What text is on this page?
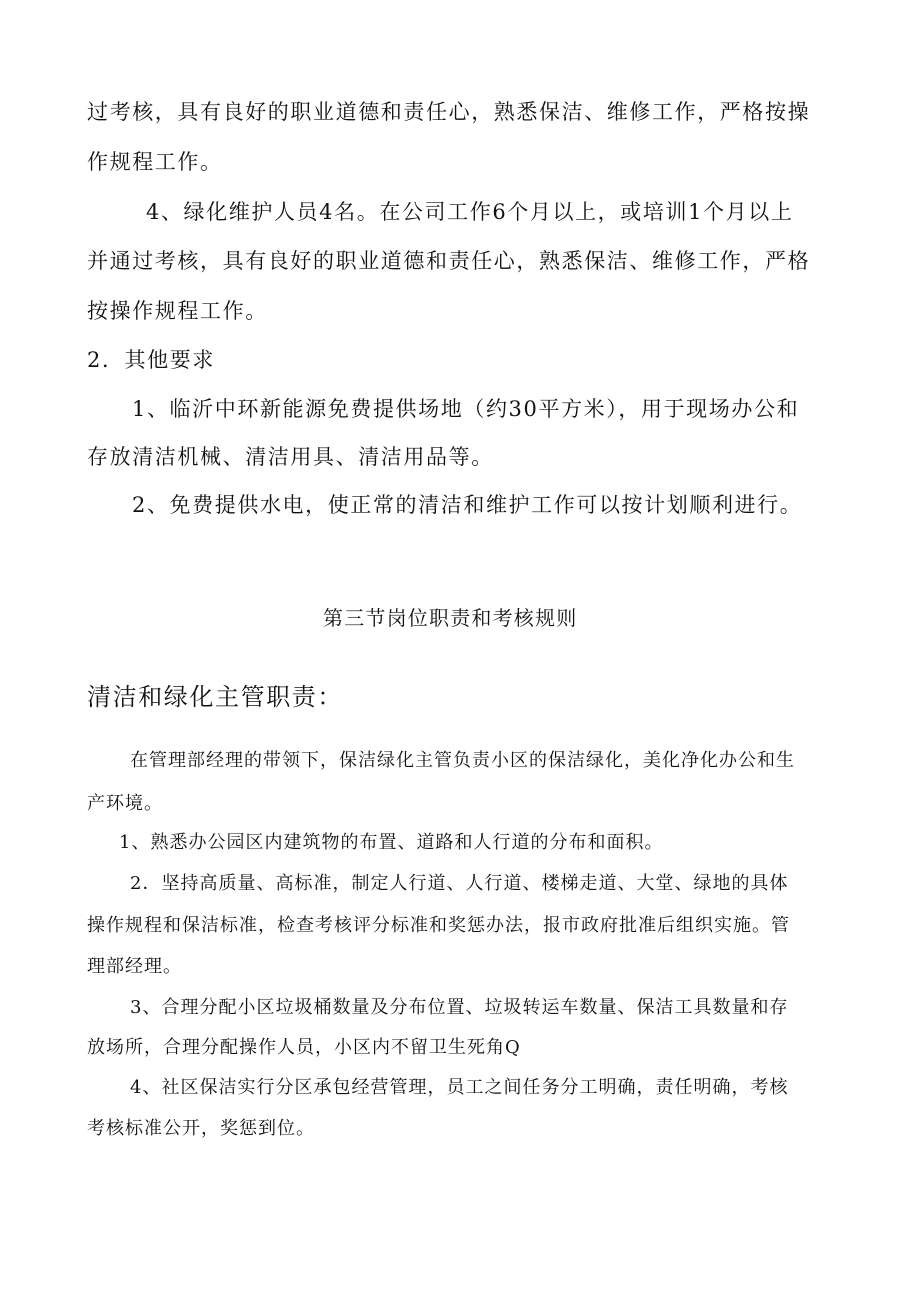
过考核，具有良好的职业道德和责任心，熟悉保洁、维修工作，严格按操
作规程工作。
4、绿化维护人员4名。在公司工作6个月以上，或培训1个月以上
并通过考核，具有良好的职业道德和责任心，熟悉保洁、维修工作，严格
按操作规程工作。
2．其他要求
1、临沂中环新能源免费提供场地（约30平方米），用于现场办公和
存放清洁机械、清洁用具、清洁用品等。
2、免费提供水电，使正常的清洁和维护工作可以按计划顺利进行。
第三节岗位职责和考核规则
清洁和绿化主管职责：
在管理部经理的带领下，保洁绿化主管负责小区的保洁绿化，美化净化办公和生
产环境。
1、熟悉办公园区内建筑物的布置、道路和人行道的分布和面积。
2．坚持高质量、高标准，制定人行道、人行道、楼梯走道、大堂、绿地的具体
操作规程和保洁标准，检查考核评分标准和奖惩办法，报市政府批准后组织实施。管
理部经理。
3、合理分配小区垃圾桶数量及分布位置、垃圾转运车数量、保洁工具数量和存
放场所，合理分配操作人员，小区内不留卫生死角Q
4、社区保洁实行分区承包经营管理，员工之间任务分工明确，责任明确，考核
考核标准公开，奖惩到位。
